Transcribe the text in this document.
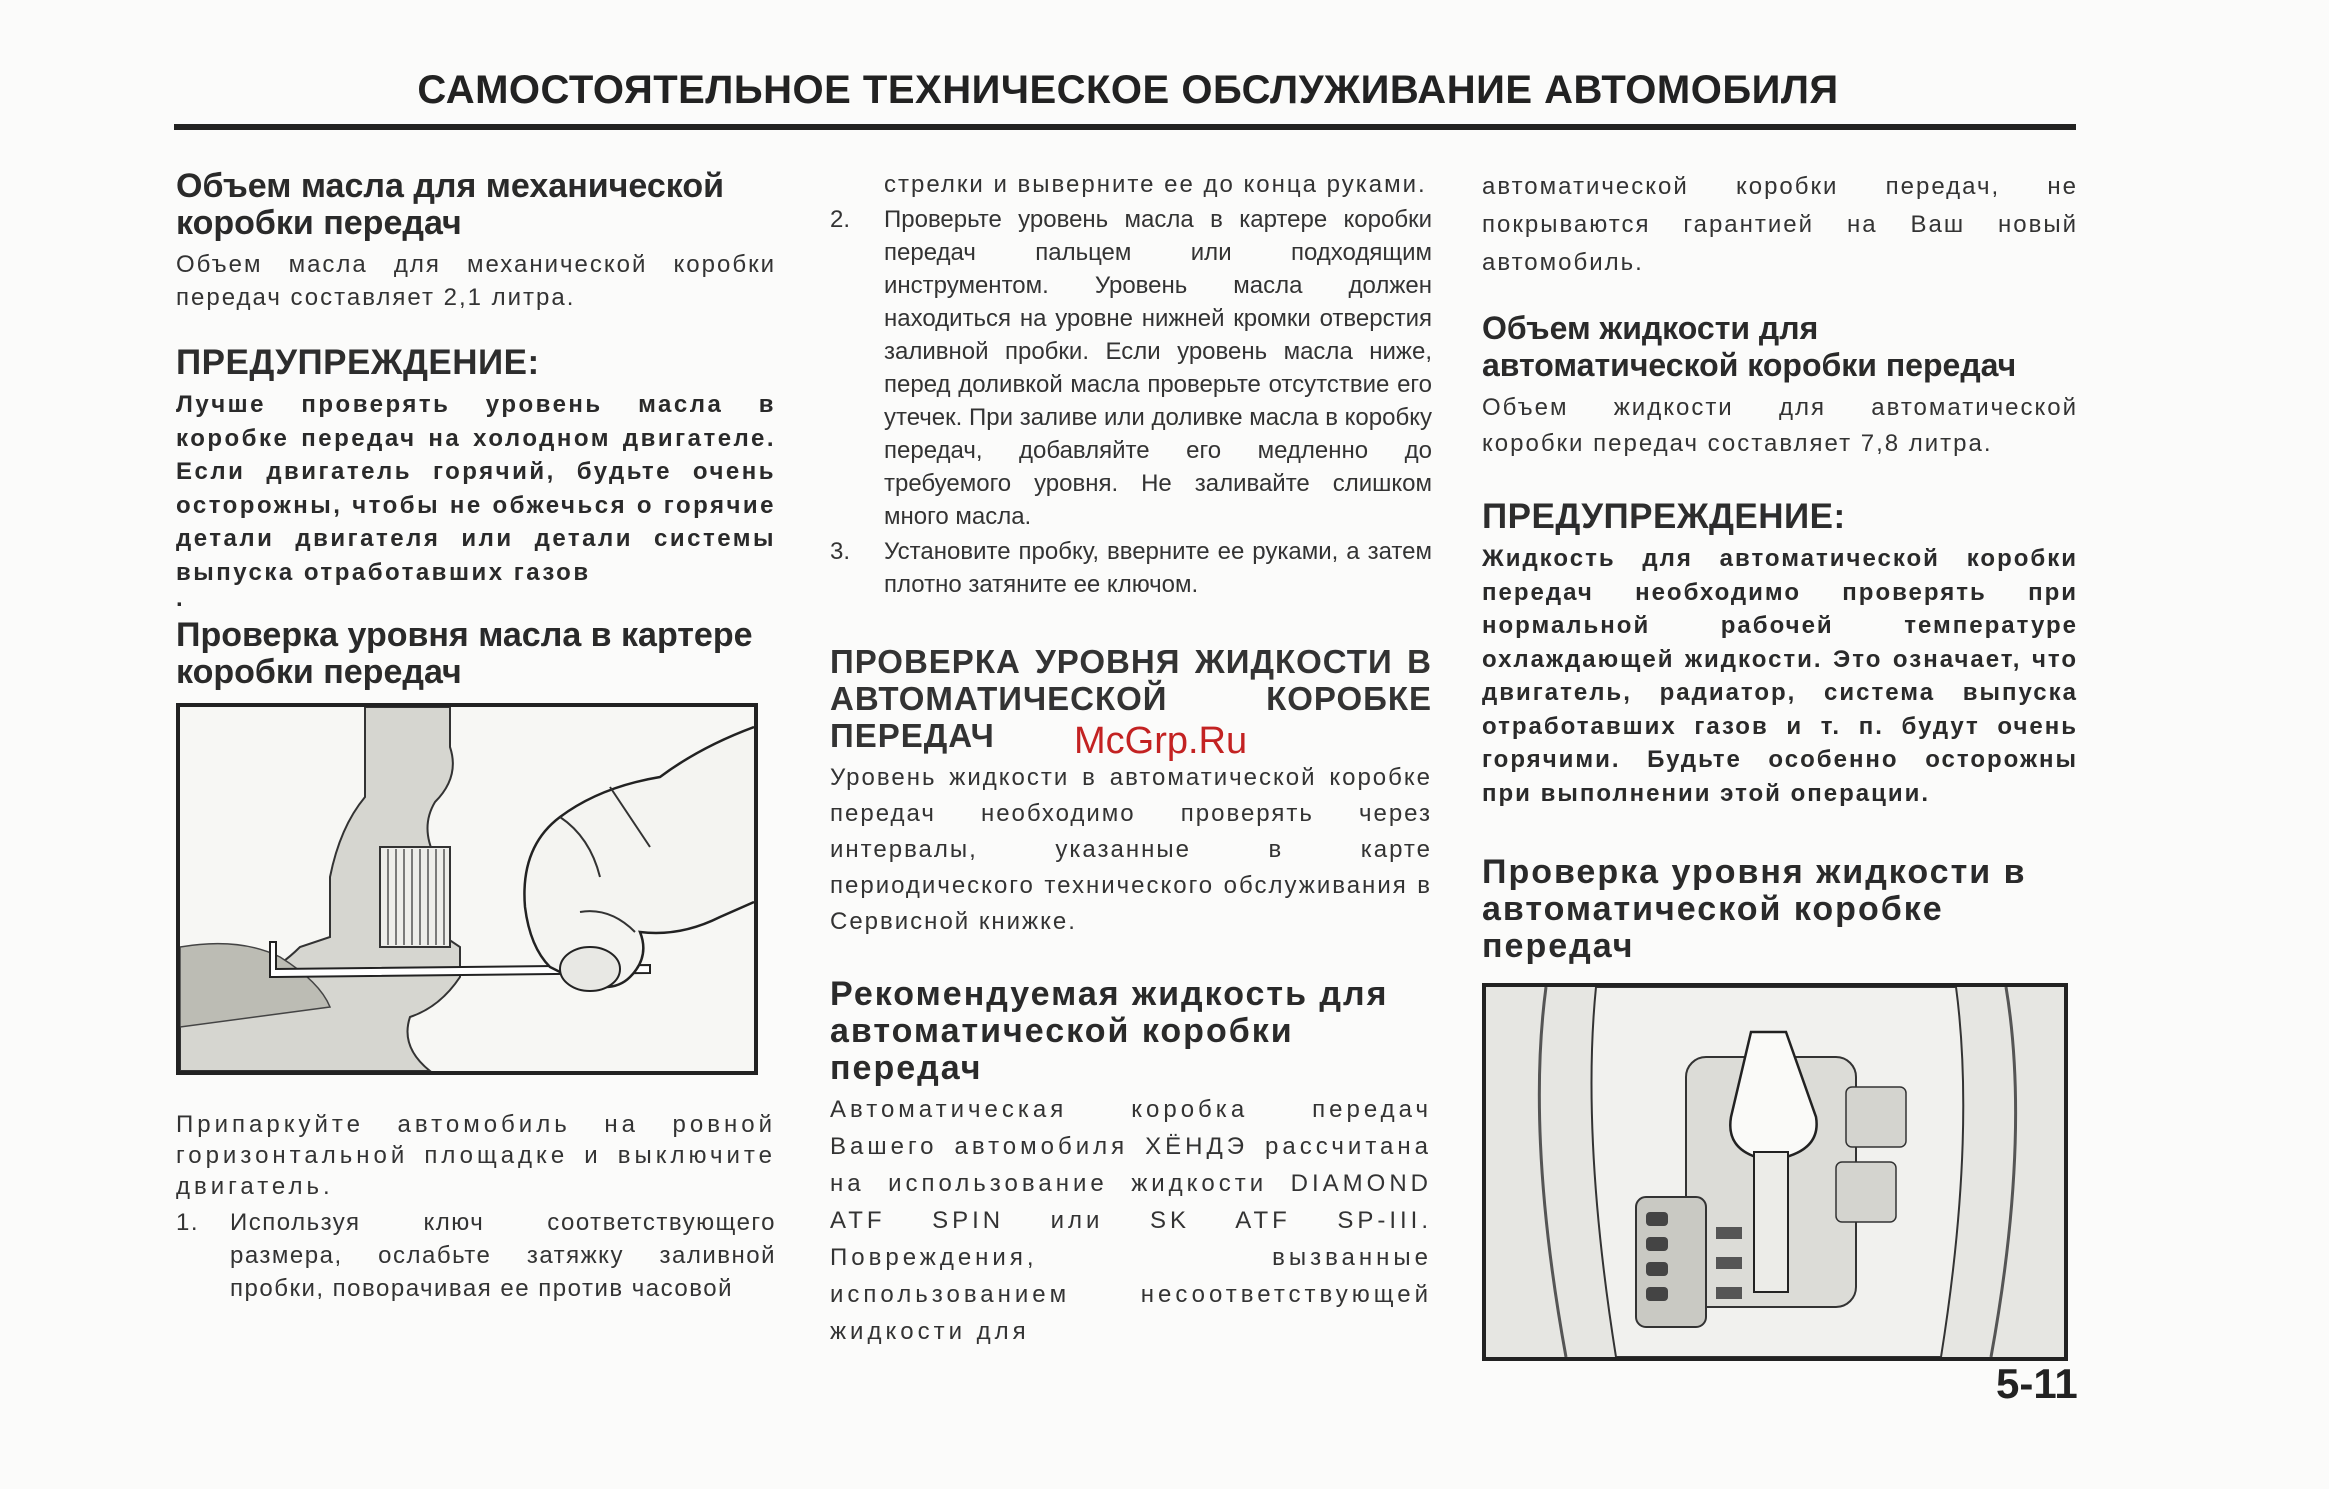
САМОСТОЯТЕЛЬНОЕ ТЕХНИЧЕСКОЕ ОБСЛУЖИВАНИЕ АВТОМОБИЛЯ
Объем масла для механической коробки передач
Объем масла для механической коробки передач составляет 2,1 литра.
ПРЕДУПРЕЖДЕНИЕ:
Лучше проверять уровень масла в коробке передач на холодном двигателе. Если двигатель горячий, будьте очень осторожны, чтобы не обжечься о горячие детали двигателя или детали системы выпуска отработавших газов
.
Проверка уровня масла в картере коробки передач
Припаркуйте автомобиль на ровной горизонтальной площадке и выключите двигатель.
1.	Используя ключ соответствующего размера, ослабьте затяжку заливной пробки, поворачивая ее против часовой
стрелки и выверните ее до конца руками.
2.	Проверьте уровень масла в картере коробки передач пальцем или подходящим инструментом. Уровень масла должен находиться на уровне нижней кромки отверстия заливной пробки. Если уровень масла ниже, перед доливкой масла проверьте отсутствие его утечек. При заливе или доливке масла в коробку передач, добавляйте его медленно до требуемого уровня. Не заливайте слишком много масла.
3.	Установите пробку, вверните ее руками, а затем плотно затяните ее ключом.
ПРОВЕРКА УРОВНЯ ЖИДКОСТИ В АВТОМАТИЧЕСКОЙ КОРОБКЕ ПЕРЕДАЧ
Уровень жидкости в автоматической коробке передач необходимо проверять через интервалы, указанные в карте периодического технического обслуживания в Сервисной книжке.
Рекомендуемая жидкость для автоматической коробки передач
Автоматическая коробка передач Вашего автомобиля ХЁНДЭ рассчитана на использование жидкости DIAMOND ATF SPIN или SK ATF SP-III. Повреждения, вызванные использованием несоответствующей жидкости для
автоматической коробки передач, не покрываются гарантией на Ваш новый автомобиль.
Объем жидкости для автоматической коробки передач
Объем жидкости для автоматической коробки передач составляет 7,8 литра.
ПРЕДУПРЕЖДЕНИЕ:
Жидкость для автоматической коробки передач необходимо проверять при нормальной рабочей температуре охлаждающей жидкости. Это означает, что двигатель, радиатор, система выпуска отработавших газов и т. п. будут очень горячими. Будьте особенно осторожны при выполнении этой операции.
Проверка уровня жидкости в автоматической коробке передач
McGrp.Ru
5-11
